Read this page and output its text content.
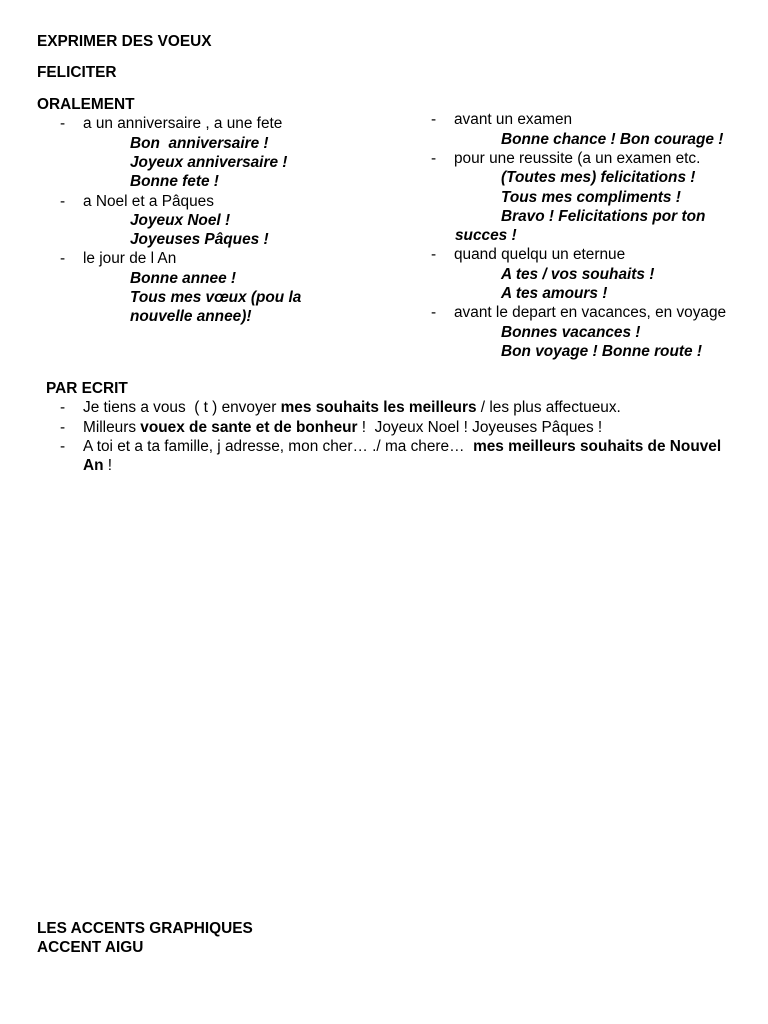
EXPRIMER DES VOEUX
FELICITER
ORALEMENT

-

a un anniversaire , a une fete

Bon  anniversaire !
Joyeux anniversaire !
Bonne fete !

-

a Noel et a Pâques

Joyeux Noel !
Joyeuses Pâques !

-

le jour de l An

Bonne annee !
Tous mes vœux (pou la
nouvelle annee)!

-

avant un examen

Bonne chance ! Bon courage !

-

pour une reussite (a un examen etc.

(Toutes mes) felicitations !
Tous mes compliments !
Bravo ! Felicitations por ton
succes !

-

quand quelqu un eternue

A tes / vos souhaits !
A tes amours !

-

avant le depart en vacances, en voyage

Bonnes vacances !
Bon voyage ! Bonne route !
PAR ECRIT

-

Je tiens a vous  ( t ) envoyer mes souhaits les meilleurs / les plus affectueux.

-

Milleurs vouex de sante et de bonheur !  Joyeux Noel ! Joyeuses Pâques !

-

A toi et a ta famille, j adresse, mon cher… ./ ma chere…  mes meilleurs souhaits de Nouvel

An !

LES ACCENTS GRAPHIQUES
ACCENT AIGU
